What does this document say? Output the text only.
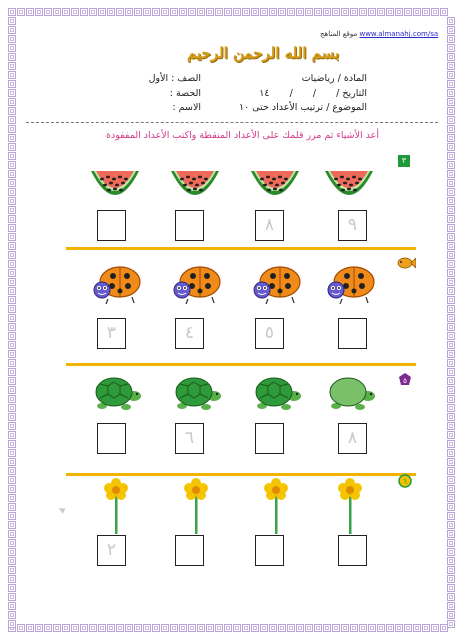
موقع المناهج www.almanahj.com/sa
بسم الله الرحمن الرحيم
المادة / رياضيات
الصف : الأول
التاريخ /  /  /  ١٤
الحصة :
الموضوع / ترتيب الأعداد حتى ١٠
الاسم :
أعد الأشياء ثم مرر قلمك على الأعداد المنقطة واكتب الأعداد المفقودة
٣
٩
٨
٥
٤
٣
٨
٦
٢
٥
٦
▲
